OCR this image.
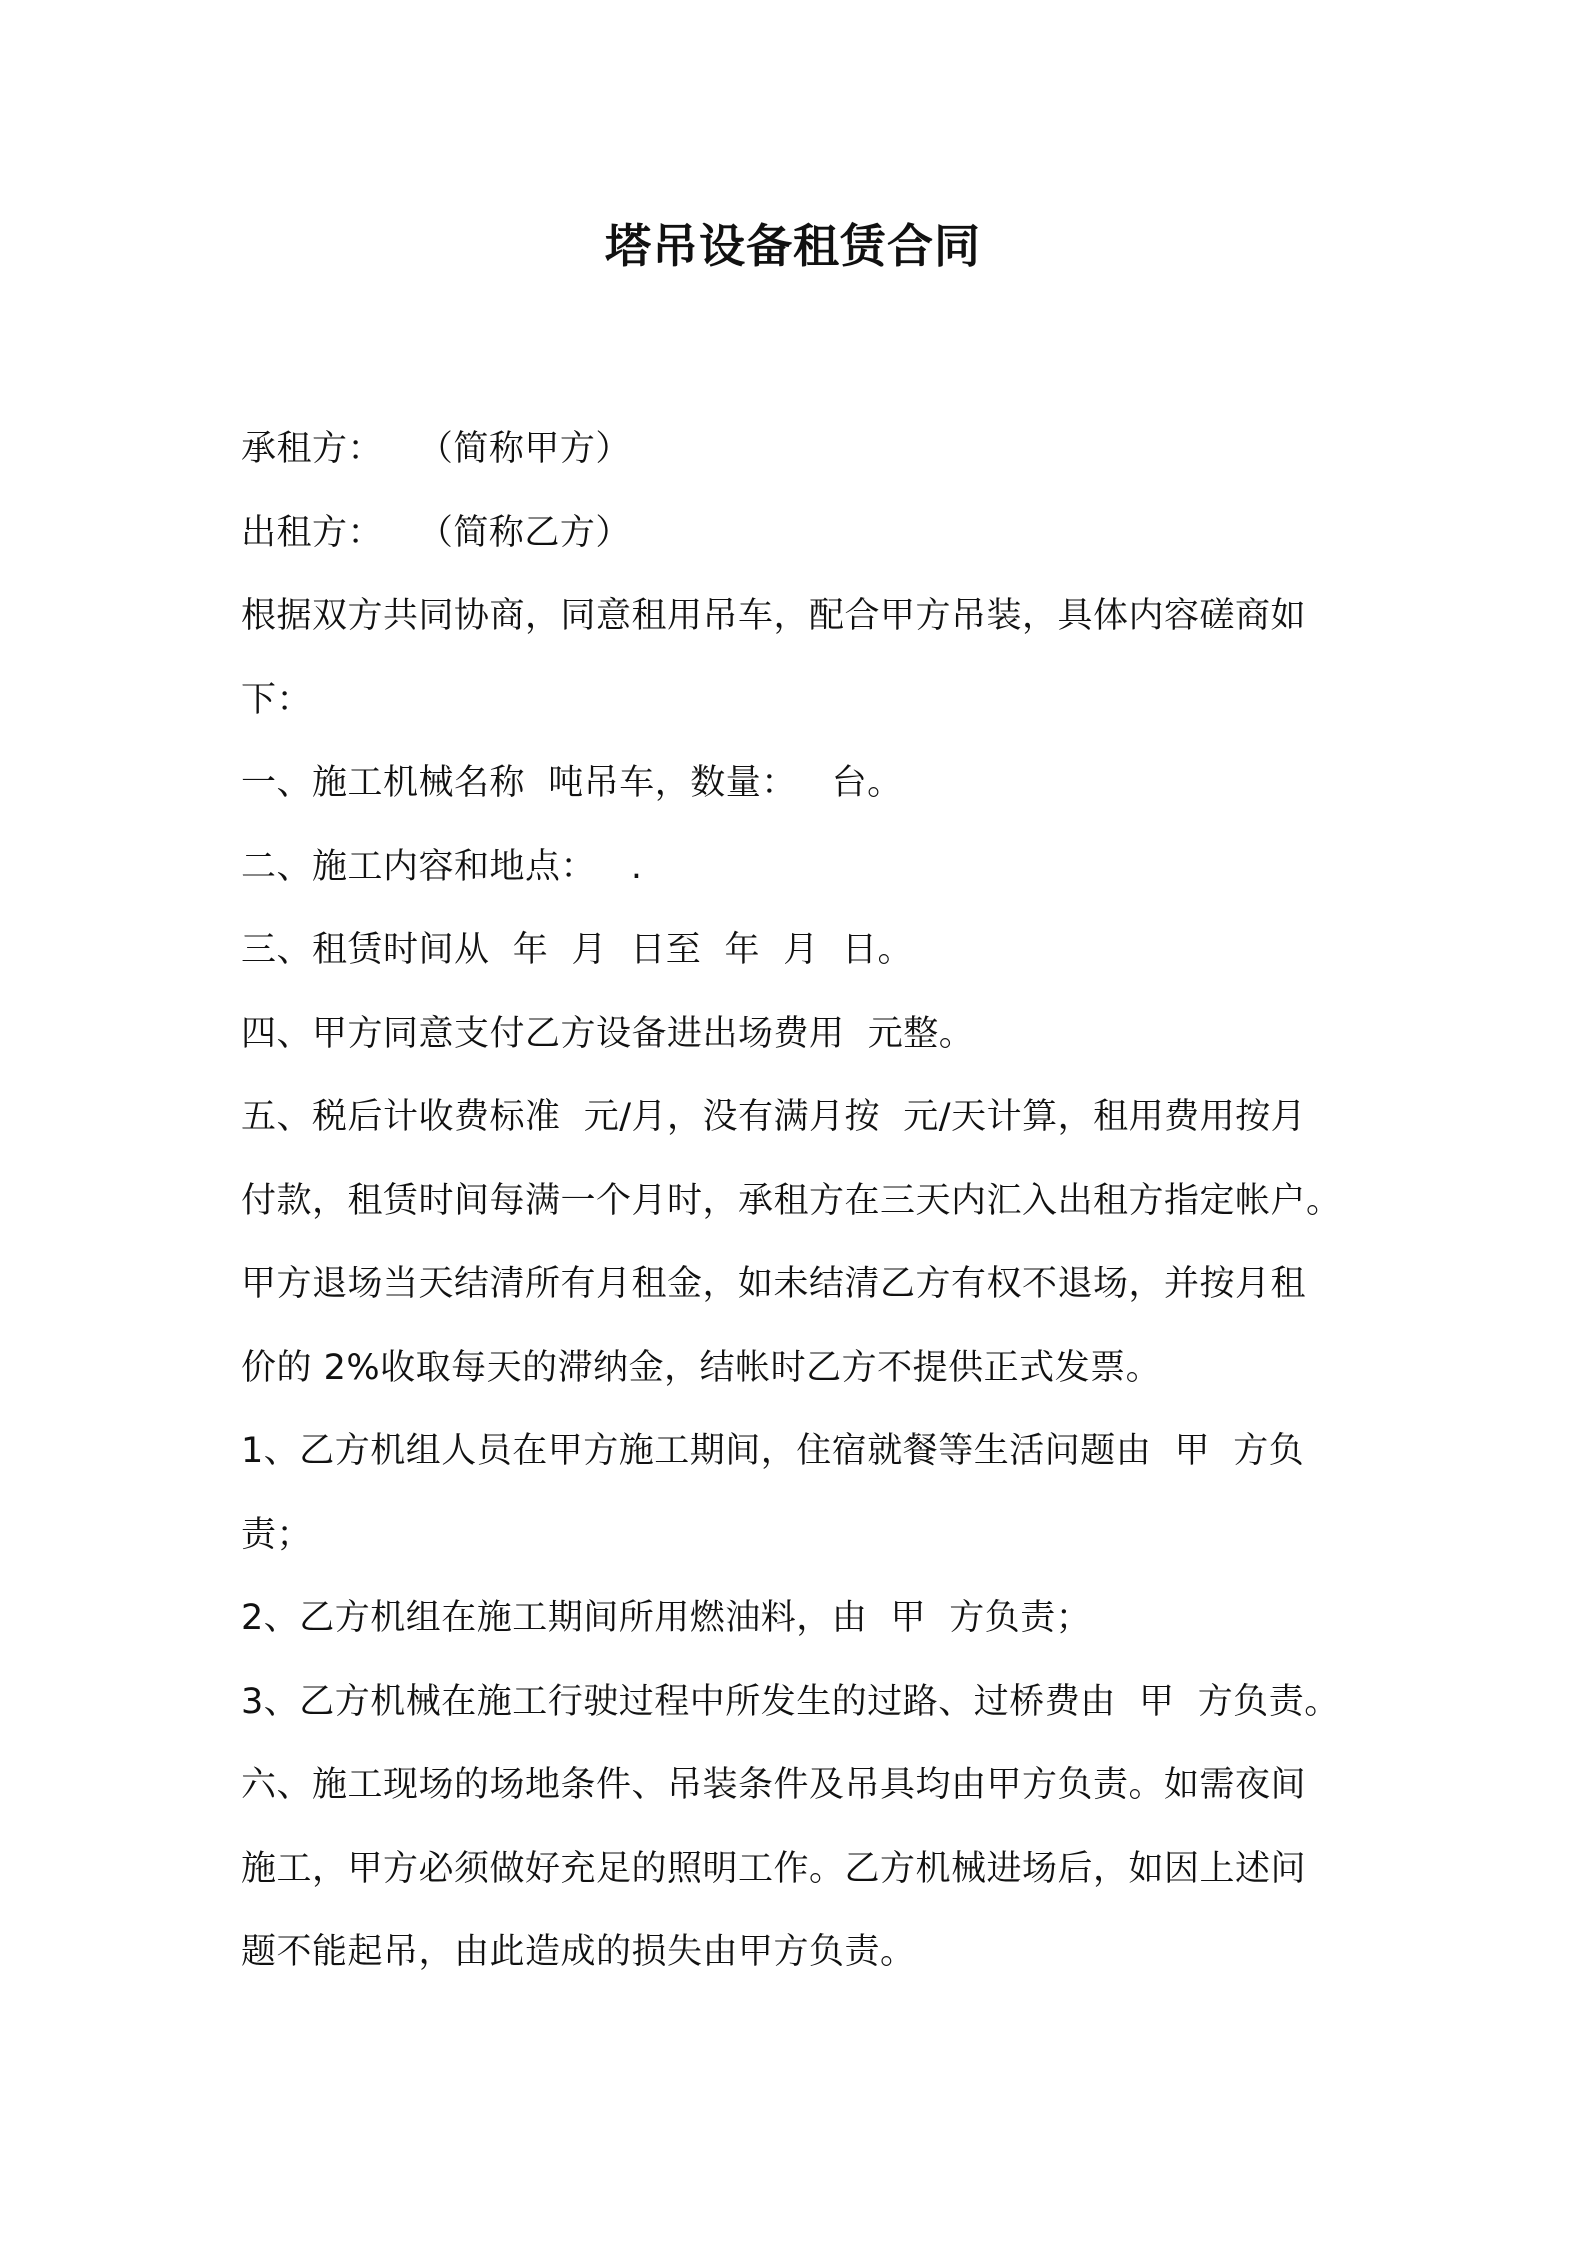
塔吊设备租赁合同
承租方：   （简称甲方）
出租方：   （简称乙方）
根据双方共同协商，同意租用吊车，配合甲方吊装，具体内容磋商如
下：
一、施工机械名称  吨吊车，数量：   台。
二、施工内容和地点：   .
三、租赁时间从  年  月  日至  年  月  日。
四、甲方同意支付乙方设备进出场费用  元整。
五、税后计收费标准  元/月，没有满月按  元/天计算，租用费用按月
付款，租赁时间每满一个月时，承租方在三天内汇入出租方指定帐户。
甲方退场当天结清所有月租金，如未结清乙方有权不退场，并按月租
价的 2%收取每天的滞纳金，结帐时乙方不提供正式发票。
1、乙方机组人员在甲方施工期间，住宿就餐等生活问题由  甲  方负
责；
2、乙方机组在施工期间所用燃油料，由  甲  方负责；
3、乙方机械在施工行驶过程中所发生的过路、过桥费由  甲  方负责。
六、施工现场的场地条件、吊装条件及吊具均由甲方负责。如需夜间
施工，甲方必须做好充足的照明工作。乙方机械进场后，如因上述问
题不能起吊，由此造成的损失由甲方负责。
